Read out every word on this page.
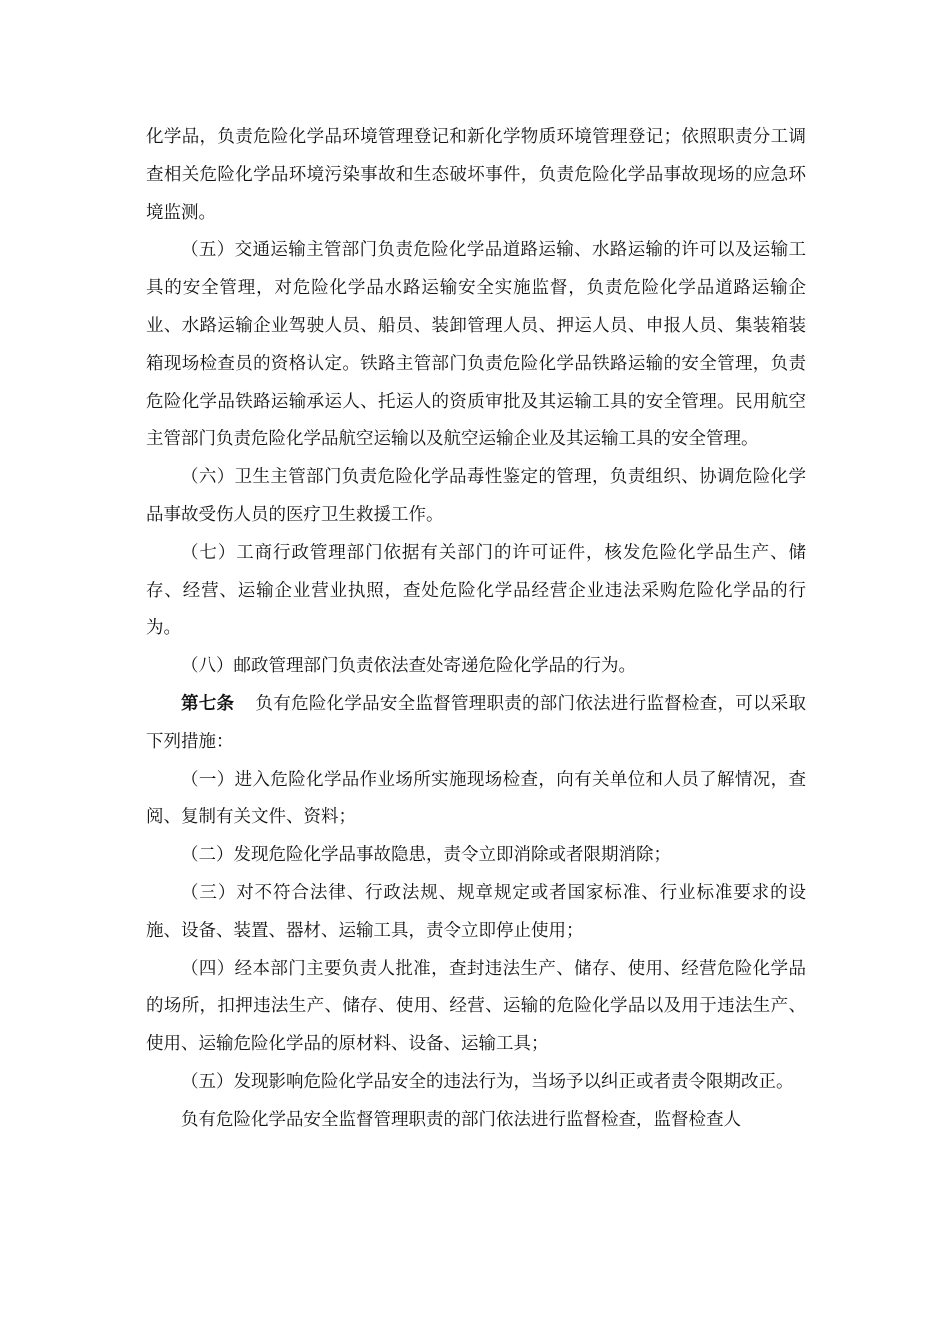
化学品，负责危险化学品环境管理登记和新化学物质环境管理登记；依照职责分工调查相关危险化学品环境污染事故和生态破坏事件，负责危险化学品事故现场的应急环境监测。

（五）交通运输主管部门负责危险化学品道路运输、水路运输的许可以及运输工具的安全管理，对危险化学品水路运输安全实施监督，负责危险化学品道路运输企业、水路运输企业驾驶人员、船员、装卸管理人员、押运人员、申报人员、集装箱装箱现场检查员的资格认定。铁路主管部门负责危险化学品铁路运输的安全管理，负责危险化学品铁路运输承运人、托运人的资质审批及其运输工具的安全管理。民用航空主管部门负责危险化学品航空运输以及航空运输企业及其运输工具的安全管理。

（六）卫生主管部门负责危险化学品毒性鉴定的管理，负责组织、协调危险化学品事故受伤人员的医疗卫生救援工作。

（七）工商行政管理部门依据有关部门的许可证件，核发危险化学品生产、储存、经营、运输企业营业执照，查处危险化学品经营企业违法采购危险化学品的行为。

（八）邮政管理部门负责依法查处寄递危险化学品的行为。

第七条 负有危险化学品安全监督管理职责的部门依法进行监督检查，可以采取下列措施：

（一）进入危险化学品作业场所实施现场检查，向有关单位和人员了解情况，查阅、复制有关文件、资料；

（二）发现危险化学品事故隐患，责令立即消除或者限期消除；

（三）对不符合法律、行政法规、规章规定或者国家标准、行业标准要求的设施、设备、装置、器材、运输工具，责令立即停止使用；

（四）经本部门主要负责人批准，查封违法生产、储存、使用、经营危险化学品的场所，扣押违法生产、储存、使用、经营、运输的危险化学品以及用于违法生产、使用、运输危险化学品的原材料、设备、运输工具；

（五）发现影响危险化学品安全的违法行为，当场予以纠正或者责令限期改正。

负有危险化学品安全监督管理职责的部门依法进行监督检查，监督检查人
